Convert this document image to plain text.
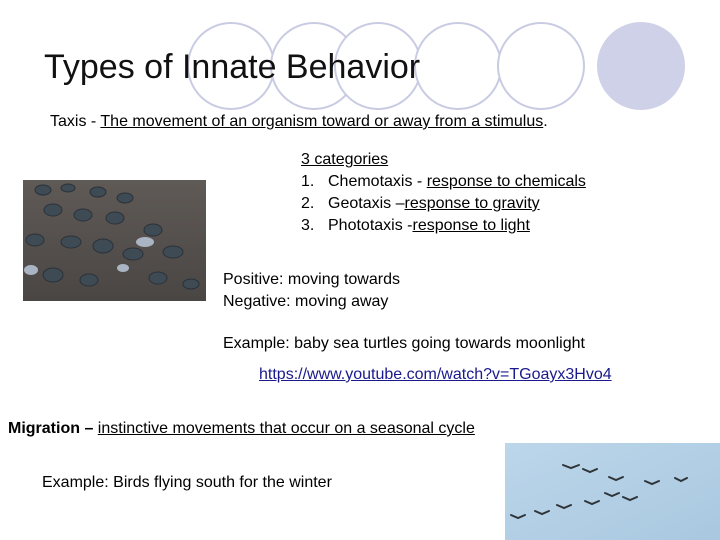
Types of Innate Behavior
Taxis - The movement of an organism toward or away from a stimulus.
3 categories
1. Chemotaxis - response to chemicals
2. Geotaxis –response to gravity
3. Phototaxis -response to light
Positive: moving towards
Negative: moving away
Example: baby sea turtles going towards moonlight
https://www.youtube.com/watch?v=TGoayx3Hvo4
Migration – instinctive movements that occur on a seasonal cycle
Example: Birds flying south for the winter
